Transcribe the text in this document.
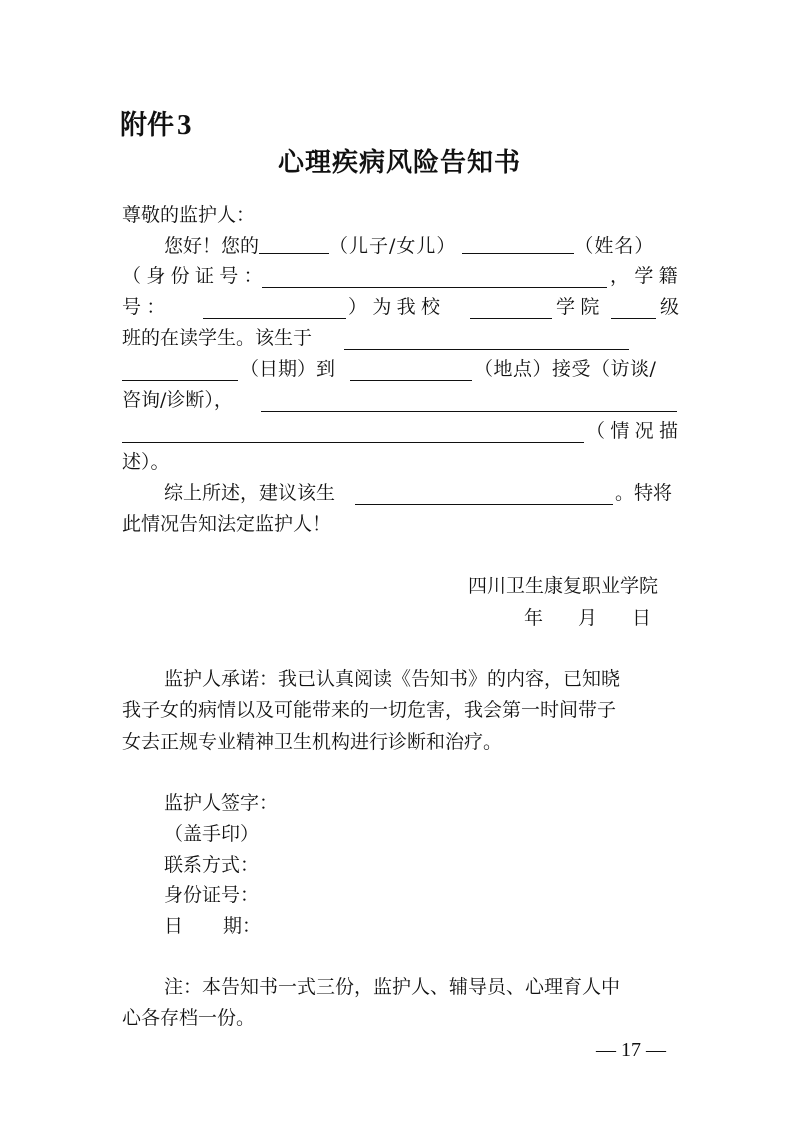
附件 3
心理疾病风险告知书
尊敬的监护人：
您好！您的	（儿子/女儿）	（姓名）
（身份证号：	，学籍
号：	）为我校	学院	级
班的在读学生。该生于
（日期）到	（地点）接受（访谈/
咨询/诊断），
（情况描
述）。
综上所述，建议该生	。特将
此情况告知法定监护人！
四川卫生康复职业学院
年 月 日
监护人承诺：我已认真阅读《告知书》的内容，已知晓
我子女的病情以及可能带来的一切危害，我会第一时间带子
女去正规专业精神卫生机构进行诊断和治疗。
监护人签字：
（盖手印）
联系方式：
身份证号：
日 期：
注：本告知书一式三份，监护人、辅导员、心理育人中
心各存档一份。
— 17 —
